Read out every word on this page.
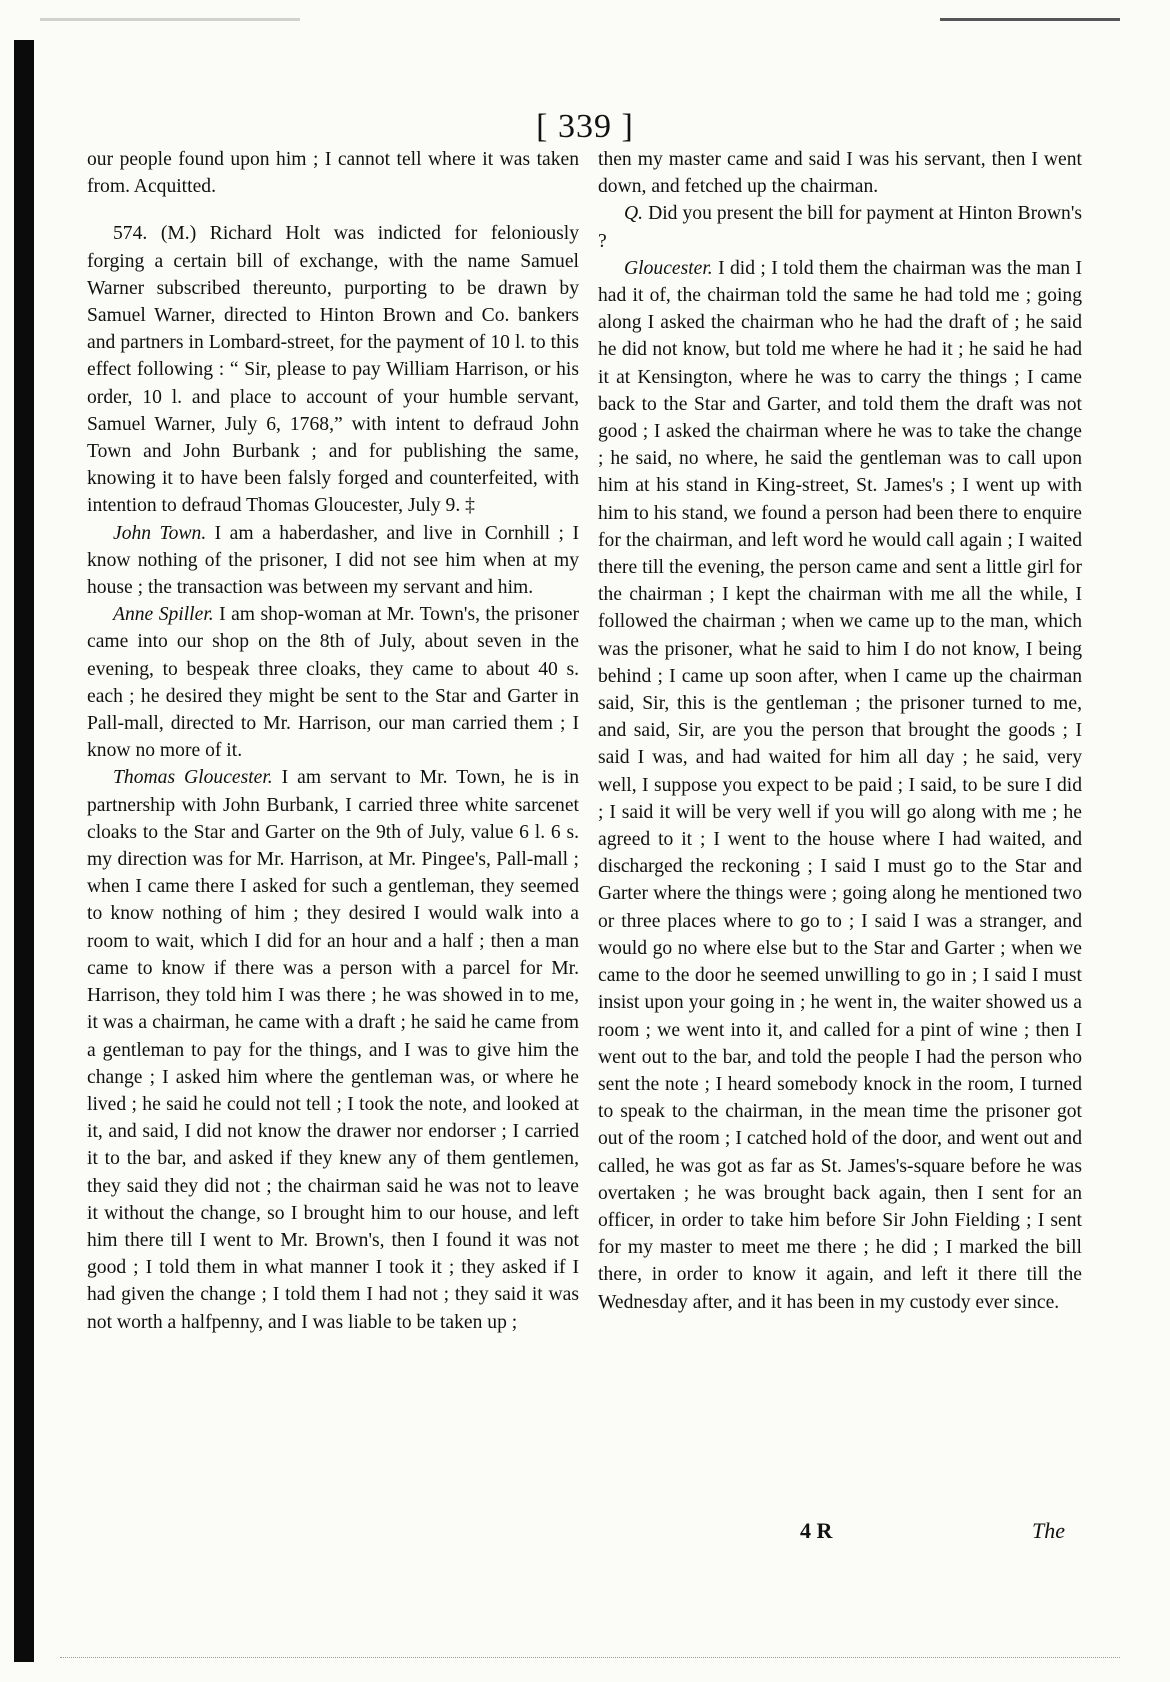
[ 339 ]

our people found upon him ; I cannot tell where it was taken from. Acquitted.

574. (M.) Richard Holt was indicted for feloniously forging a certain bill of exchange, with the name Samuel Warner subscribed thereunto, purporting to be drawn by Samuel Warner, directed to Hinton Brown and Co. bankers and partners in Lombard-street, for the payment of 10 l. to this effect following : “ Sir, please to pay William Harrison, or his order, 10 l. and place to account of your humble servant, Samuel Warner, July 6, 1768,” with intent to defraud John Town and John Burbank ; and for publishing the same, knowing it to have been falsly forged and counterfeited, with intention to defraud Thomas Gloucester, July 9. ‡

John Town. I am a haberdasher, and live in Cornhill ; I know nothing of the prisoner, I did not see him when at my house ; the transaction was between my servant and him.

Anne Spiller. I am shop-woman at Mr. Town's, the prisoner came into our shop on the 8th of July, about seven in the evening, to bespeak three cloaks, they came to about 40 s. each ; he desired they might be sent to the Star and Garter in Pall-mall, directed to Mr. Harrison, our man carried them ; I know no more of it.

Thomas Gloucester. I am servant to Mr. Town, he is in partnership with John Burbank, I carried three white sarcenet cloaks to the Star and Garter on the 9th of July, value 6 l. 6 s. my direction was for Mr. Harrison, at Mr. Pingee's, Pall-mall ; when I came there I asked for such a gentleman, they seemed to know nothing of him ; they desired I would walk into a room to wait, which I did for an hour and a half ; then a man came to know if there was a person with a parcel for Mr. Harrison, they told him I was there ; he was showed in to me, it was a chairman, he came with a draft ; he said he came from a gentleman to pay for the things, and I was to give him the change ; I asked him where the gentleman was, or where he lived ; he said he could not tell ; I took the note, and looked at it, and said, I did not know the drawer nor endorser ; I carried it to the bar, and asked if they knew any of them gentlemen, they said they did not ; the chairman said he was not to leave it without the change, so I brought him to our house, and left him there till I went to Mr. Brown's, then I found it was not good ; I told them in what manner I took it ; they asked if I had given the change ; I told them I had not ; they said it was not worth a halfpenny, and I was liable to be taken up ;

then my master came and said I was his servant, then I went down, and fetched up the chairman.

Q. Did you present the bill for payment at Hinton Brown's ?

Gloucester. I did ; I told them the chairman was the man I had it of, the chairman told the same he had told me ; going along I asked the chairman who he had the draft of ; he said he did not know, but told me where he had it ; he said he had it at Kensington, where he was to carry the things ; I came back to the Star and Garter, and told them the draft was not good ; I asked the chairman where he was to take the change ; he said, no where, he said the gentleman was to call upon him at his stand in King-street, St. James's ; I went up with him to his stand, we found a person had been there to enquire for the chairman, and left word he would call again ; I waited there till the evening, the person came and sent a little girl for the chairman ; I kept the chairman with me all the while, I followed the chairman ; when we came up to the man, which was the prisoner, what he said to him I do not know, I being behind ; I came up soon after, when I came up the chairman said, Sir, this is the gentleman ; the prisoner turned to me, and said, Sir, are you the person that brought the goods ; I said I was, and had waited for him all day ; he said, very well, I suppose you expect to be paid ; I said, to be sure I did ; I said it will be very well if you will go along with me ; he agreed to it ; I went to the house where I had waited, and discharged the reckoning ; I said I must go to the Star and Garter where the things were ; going along he mentioned two or three places where to go to ; I said I was a stranger, and would go no where else but to the Star and Garter ; when we came to the door he seemed unwilling to go in ; I said I must insist upon your going in ; he went in, the waiter showed us a room ; we went into it, and called for a pint of wine ; then I went out to the bar, and told the people I had the person who sent the note ; I heard somebody knock in the room, I turned to speak to the chairman, in the mean time the prisoner got out of the room ; I catched hold of the door, and went out and called, he was got as far as St. James's-square before he was overtaken ; he was brought back again, then I sent for an officer, in order to take him before Sir John Fielding ; I sent for my master to meet me there ; he did ; I marked the bill there, in order to know it again, and left it there till the Wednesday after, and it has been in my custody ever since.

4 R	The
